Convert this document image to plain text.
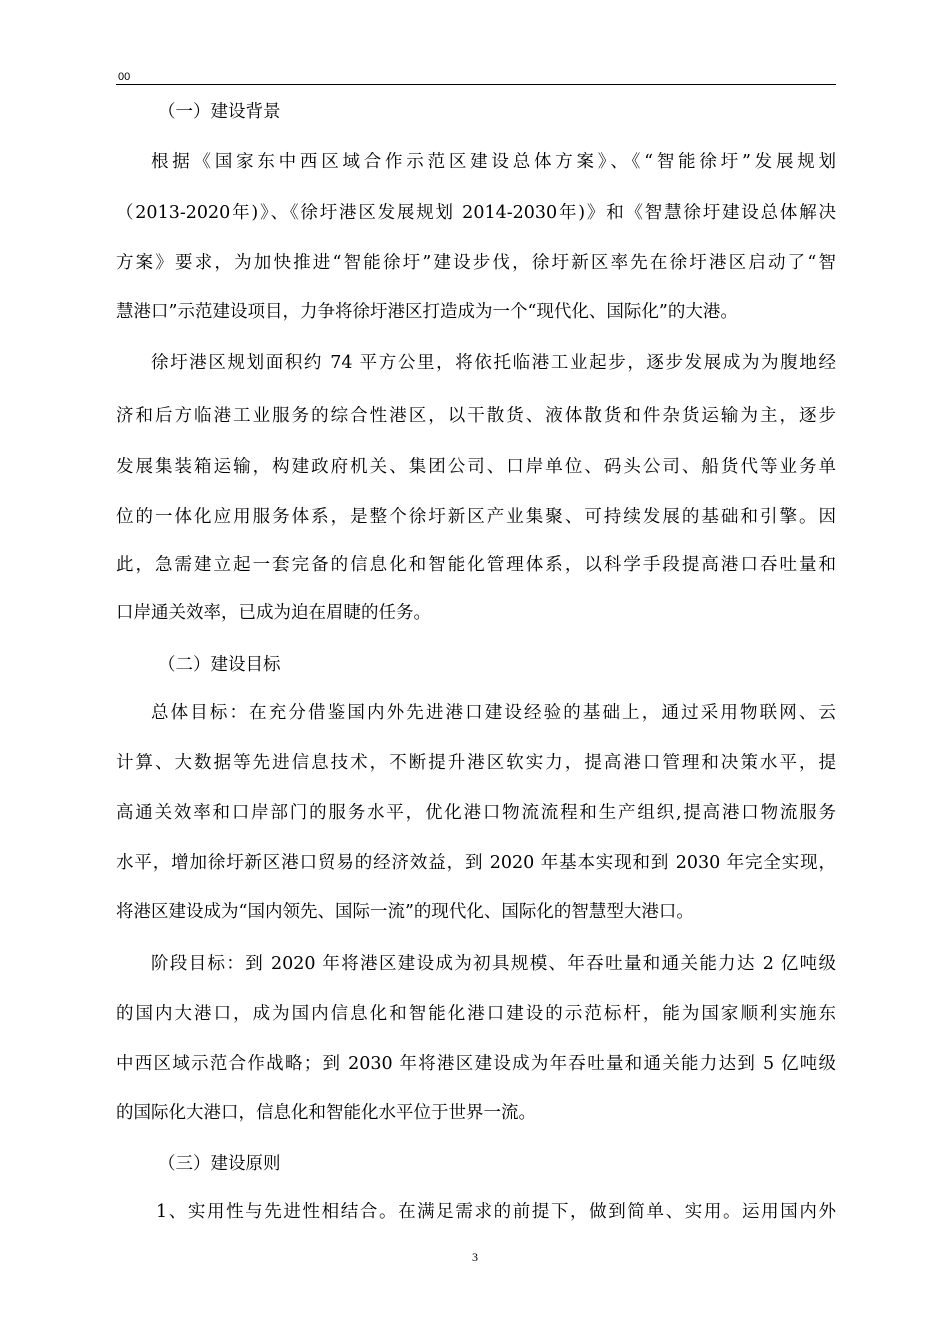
00

（一）建设背景

根据《国家东中西区域合作示范区建设总体方案》、《“智能徐圩”发展规划

（2013-2020年)》、《徐圩港区发展规划 2014-2030年)》和《智慧徐圩建设总体解决

方案》要求，为加快推进“智能徐圩”建设步伐，徐圩新区率先在徐圩港区启动了“智

慧港口”示范建设项目，力争将徐圩港区打造成为一个“现代化、国际化”的大港。

徐圩港区规划面积约 74 平方公里，将依托临港工业起步，逐步发展成为为腹地经

济和后方临港工业服务的综合性港区，以干散货、液体散货和件杂货运输为主，逐步

发展集装箱运输，构建政府机关、集团公司、口岸单位、码头公司、船货代等业务单

位的一体化应用服务体系，是整个徐圩新区产业集聚、可持续发展的基础和引擎。因

此，急需建立起一套完备的信息化和智能化管理体系，以科学手段提高港口吞吐量和

口岸通关效率，已成为迫在眉睫的任务。

（二）建设目标

总体目标：在充分借鉴国内外先进港口建设经验的基础上，通过采用物联网、云

计算、大数据等先进信息技术，不断提升港区软实力，提高港口管理和决策水平，提

高通关效率和口岸部门的服务水平，优化港口物流流程和生产组织,提高港口物流服务

水平，增加徐圩新区港口贸易的经济效益，到 2020 年基本实现和到 2030 年完全实现，

将港区建设成为“国内领先、国际一流”的现代化、国际化的智慧型大港口。

阶段目标：到 2020 年将港区建设成为初具规模、年吞吐量和通关能力达 2 亿吨级

的国内大港口，成为国内信息化和智能化港口建设的示范标杆，能为国家顺利实施东

中西区域示范合作战略；到 2030 年将港区建设成为年吞吐量和通关能力达到 5 亿吨级

的国际化大港口，信息化和智能化水平位于世界一流。

（三）建设原则

1、实用性与先进性相结合。在满足需求的前提下，做到简单、实用。运用国内外

3
